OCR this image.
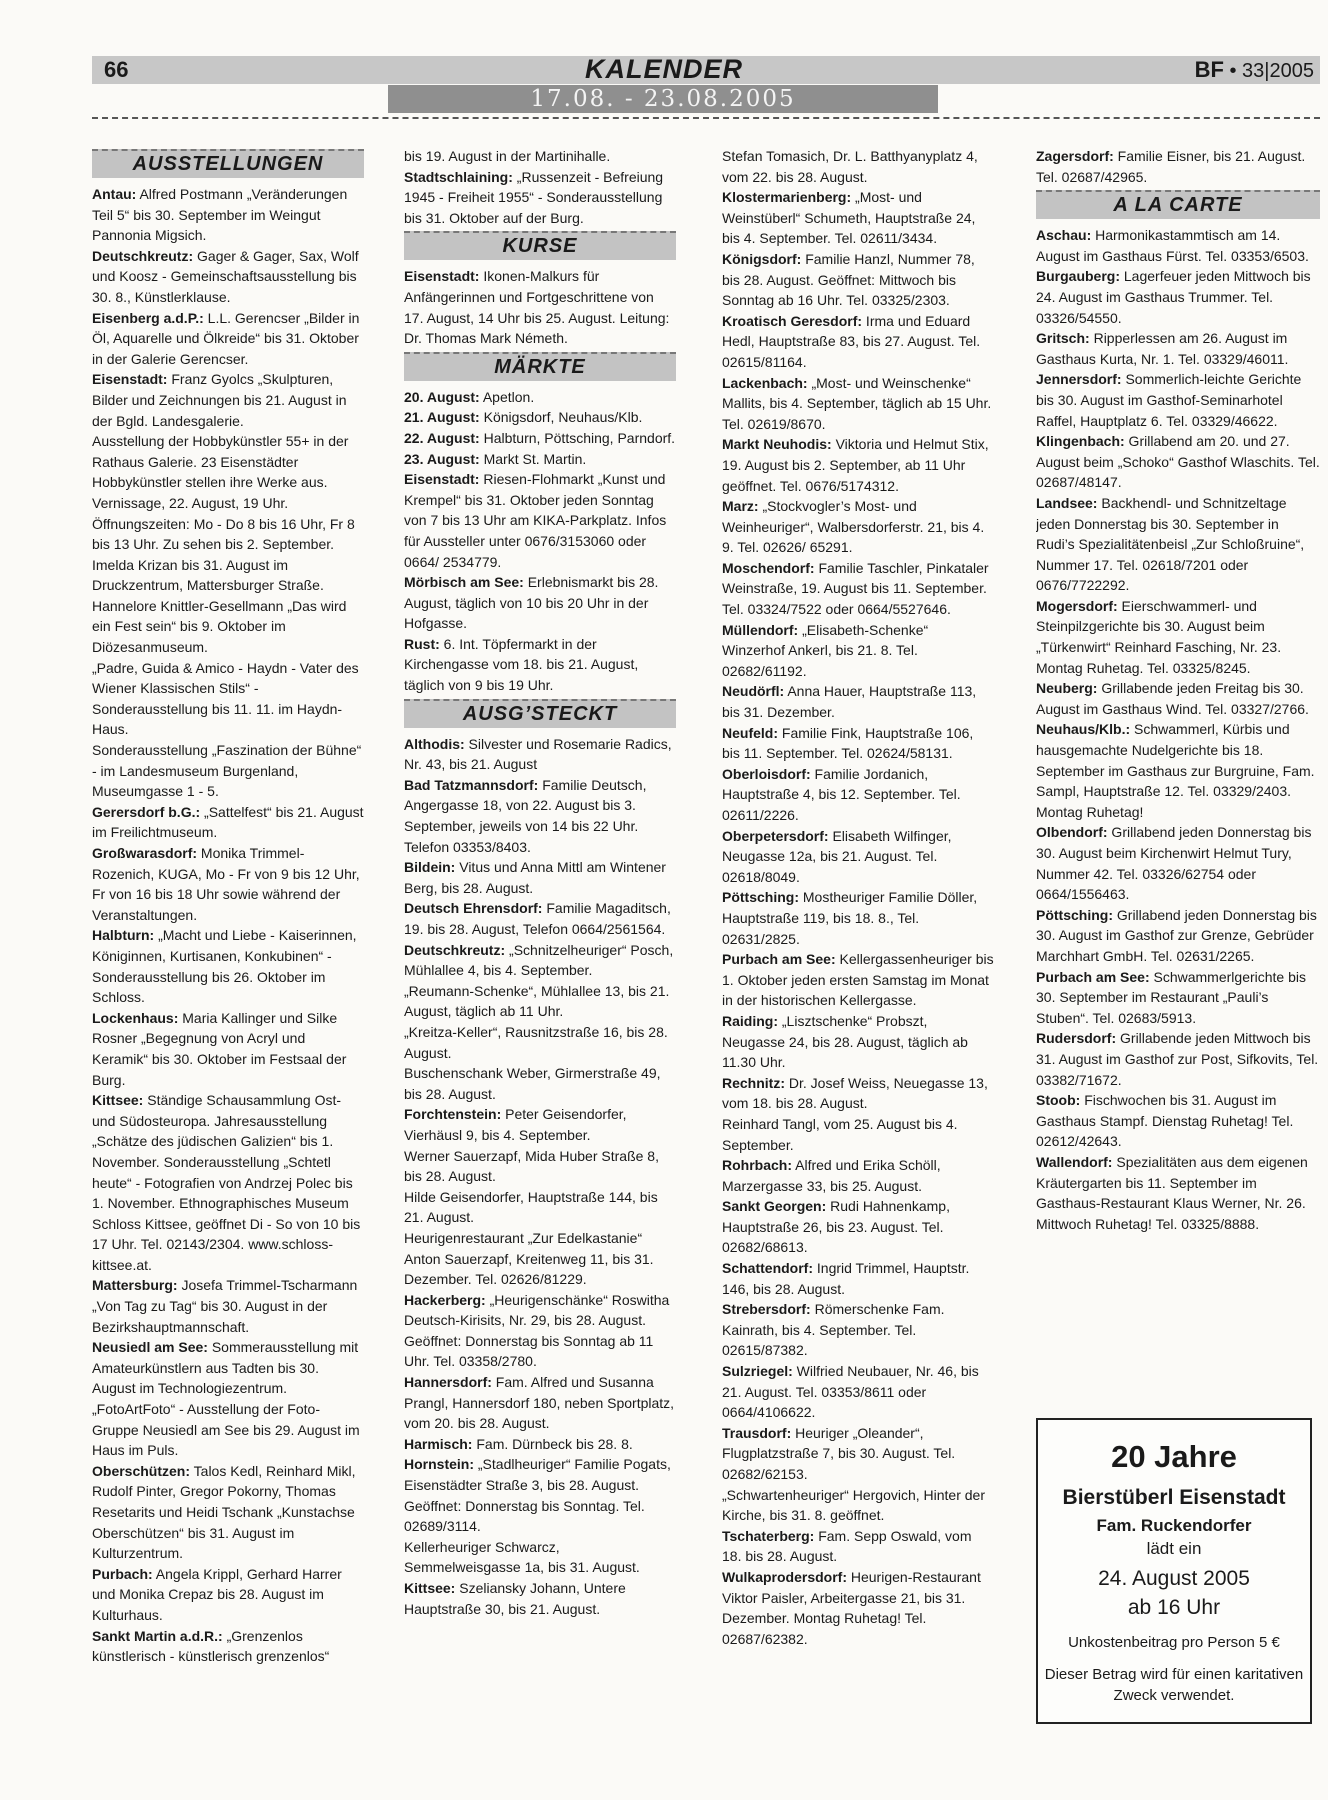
66	KALENDER	BF • 33|2005
17.08. - 23.08.2005
AUSSTELLUNGEN

Antau: Alfred Postmann „Veränderungen Teil 5“ bis 30. September im Weingut Pannonia Migsich.

Deutschkreutz: Gager & Gager, Sax, Wolf und Koosz - Gemeinschaftsausstellung bis 30. 8., Künstlerklause.

Eisenberg a.d.P.: L.L. Gerencser „Bilder in Öl, Aquarelle und Ölkreide“ bis 31. Oktober in der Galerie Gerencser.

Eisenstadt: Franz Gyolcs „Skulpturen, Bilder und Zeichnungen bis 21. August in der Bgld. Landesgalerie.

Ausstellung der Hobbykünstler 55+ in der Rathaus Galerie. 23 Eisenstädter Hobbykünstler stellen ihre Werke aus. Vernissage, 22. August, 19 Uhr. Öffnungszeiten: Mo - Do 8 bis 16 Uhr, Fr 8 bis 13 Uhr. Zu sehen bis 2. September.

Imelda Krizan bis 31. August im Druckzentrum, Mattersburger Straße.

Hannelore Knittler-Gesellmann „Das wird ein Fest sein“ bis 9. Oktober im Diözesanmuseum.

„Padre, Guida & Amico - Haydn - Vater des Wiener Klassischen Stils“ - Sonderausstellung bis 11. 11. im Haydn-Haus.

Sonderausstellung „Faszination der Bühne“ - im Landesmuseum Burgenland, Museumgasse 1 - 5.

Gerersdorf b.G.: „Sattelfest“ bis 21. August im Freilichtmuseum.

Großwarasdorf: Monika Trimmel-Rozenich, KUGA, Mo - Fr von 9 bis 12 Uhr, Fr von 16 bis 18 Uhr sowie während der Veranstaltungen.

Halbturn: „Macht und Liebe - Kaiserinnen, Königinnen, Kurtisanen, Konkubinen“ - Sonderausstellung bis 26. Oktober im Schloss.

Lockenhaus: Maria Kallinger und Silke Rosner „Begegnung von Acryl und Keramik“ bis 30. Oktober im Festsaal der Burg.

Kittsee: Ständige Schausammlung Ost- und Südosteuropa. Jahresausstellung „Schätze des jüdischen Galizien“ bis 1. November. Sonderausstellung „Schtetl heute“ - Fotografien von Andrzej Polec bis 1. November. Ethnographisches Museum Schloss Kittsee, geöffnet Di - So von 10 bis 17 Uhr. Tel. 02143/2304. www.schloss-kittsee.at.

Mattersburg: Josefa Trimmel-Tscharmann „Von Tag zu Tag“ bis 30. August in der Bezirkshauptmannschaft.

Neusiedl am See: Sommerausstellung mit Amateurkünstlern aus Tadten bis 30. August im Technologiezentrum.

„FotoArtFoto“ - Ausstellung der Foto-Gruppe Neusiedl am See bis 29. August im Haus im Puls.

Oberschützen: Talos Kedl, Reinhard Mikl, Rudolf Pinter, Gregor Pokorny, Thomas Resetarits und Heidi Tschank „Kunstachse Oberschützen“ bis 31. August im Kulturzentrum.

Purbach: Angela Krippl, Gerhard Harrer und Monika Crepaz bis 28. August im Kulturhaus.

Sankt Martin a.d.R.: „Grenzenlos künstlerisch - künstlerisch grenzenlos“

bis 19. August in der Martinihalle.

Stadtschlaining: „Russenzeit - Befreiung 1945 - Freiheit 1955“ - Sonderausstellung bis 31. Oktober auf der Burg.

KURSE

Eisenstadt: Ikonen-Malkurs für Anfängerinnen und Fortgeschrittene von 17. August, 14 Uhr bis 25. August. Leitung: Dr. Thomas Mark Németh.

MÄRKTE

20. August: Apetlon.

21. August: Königsdorf, Neuhaus/Klb.

22. August: Halbturn, Pöttsching, Parndorf.

23. August: Markt St. Martin.

Eisenstadt: Riesen-Flohmarkt „Kunst und Krempel“ bis 31. Oktober jeden Sonntag von 7 bis 13 Uhr am KIKA-Parkplatz. Infos für Aussteller unter 0676/3153060 oder 0664/ 2534779.

Mörbisch am See: Erlebnismarkt bis 28. August, täglich von 10 bis 20 Uhr in der Hofgasse.

Rust: 6. Int. Töpfermarkt in der Kirchengasse vom 18. bis 21. August, täglich von 9 bis 19 Uhr.

AUSG’STECKT

Althodis: Silvester und Rosemarie Radics, Nr. 43, bis 21. August

Bad Tatzmannsdorf: Familie Deutsch, Angergasse 18, von 22. August bis 3. September, jeweils von 14 bis 22 Uhr. Telefon 03353/8403.

Bildein: Vitus und Anna Mittl am Wintener Berg, bis 28. August.

Deutsch Ehrensdorf: Familie Magaditsch, 19. bis 28. August, Telefon 0664/2561564.

Deutschkreutz: „Schnitzelheuriger“ Posch, Mühlallee 4, bis 4. September.

„Reumann-Schenke“, Mühlallee 13, bis 21. August, täglich ab 11 Uhr.

„Kreitza-Keller“, Rausnitzstraße 16, bis 28. August.

Buschenschank Weber, Girmerstraße 49, bis 28. August.

Forchtenstein: Peter Geisendorfer, Vierhäusl 9, bis 4. September.

Werner Sauerzapf, Mida Huber Straße 8, bis 28. August.

Hilde Geisendorfer, Hauptstraße 144, bis 21. August.

Heurigenrestaurant „Zur Edelkastanie“ Anton Sauerzapf, Kreitenweg 11, bis 31. Dezember. Tel. 02626/81229.

Hackerberg: „Heurigenschänke“ Roswitha Deutsch-Kirisits, Nr. 29, bis 28. August. Geöffnet: Donnerstag bis Sonntag ab 11 Uhr. Tel. 03358/2780.

Hannersdorf: Fam. Alfred und Susanna Prangl, Hannersdorf 180, neben Sportplatz, vom 20. bis 28. August.

Harmisch: Fam. Dürnbeck bis 28. 8.

Hornstein: „Stadlheuriger“ Familie Pogats, Eisenstädter Straße 3, bis 28. August. Geöffnet: Donnerstag bis Sonntag. Tel. 02689/3114.

Kellerheuriger Schwarcz, Semmelweisgasse 1a, bis 31. August.

Kittsee: Szeliansky Johann, Untere Hauptstraße 30, bis 21. August.

Stefan Tomasich, Dr. L. Batthyanyplatz 4, vom 22. bis 28. August.

Klostermarienberg: „Most- und Weinstüberl“ Schumeth, Hauptstraße 24, bis 4. September. Tel. 02611/3434.

Königsdorf: Familie Hanzl, Nummer 78, bis 28. August. Geöffnet: Mittwoch bis Sonntag ab 16 Uhr. Tel. 03325/2303.

Kroatisch Geresdorf: Irma und Eduard Hedl, Hauptstraße 83, bis 27. August. Tel. 02615/81164.

Lackenbach: „Most- und Weinschenke“ Mallits, bis 4. September, täglich ab 15 Uhr. Tel. 02619/8670.

Markt Neuhodis: Viktoria und Helmut Stix, 19. August bis 2. September, ab 11 Uhr geöffnet. Tel. 0676/5174312.

Marz: „Stockvogler’s Most- und Weinheuriger“, Walbersdorferstr. 21, bis 4. 9. Tel. 02626/ 65291.

Moschendorf: Familie Taschler, Pinkataler Weinstraße, 19. August bis 11. September. Tel. 03324/7522 oder 0664/5527646.

Müllendorf: „Elisabeth-Schenke“ Winzerhof Ankerl, bis 21. 8. Tel. 02682/61192.

Neudörfl: Anna Hauer, Hauptstraße 113, bis 31. Dezember.

Neufeld: Familie Fink, Hauptstraße 106, bis 11. September. Tel. 02624/58131.

Oberloisdorf: Familie Jordanich, Hauptstraße 4, bis 12. September. Tel. 02611/2226.

Oberpetersdorf: Elisabeth Wilfinger, Neugasse 12a, bis 21. August. Tel. 02618/8049.

Pöttsching: Mostheuriger Familie Döller, Hauptstraße 119, bis 18. 8., Tel. 02631/2825.

Purbach am See: Kellergassenheuriger bis 1. Oktober jeden ersten Samstag im Monat in der historischen Kellergasse.

Raiding: „Lisztschenke“ Probszt, Neugasse 24, bis 28. August, täglich ab 11.30 Uhr.

Rechnitz: Dr. Josef Weiss, Neuegasse 13, vom 18. bis 28. August.

Reinhard Tangl, vom 25. August bis 4. September.

Rohrbach: Alfred und Erika Schöll, Marzergasse 33, bis 25. August.

Sankt Georgen: Rudi Hahnenkamp, Hauptstraße 26, bis 23. August. Tel. 02682/68613.

Schattendorf: Ingrid Trimmel, Hauptstr. 146, bis 28. August.

Strebersdorf: Römerschenke Fam. Kainrath, bis 4. September. Tel. 02615/87382.

Sulzriegel: Wilfried Neubauer, Nr. 46, bis 21. August. Tel. 03353/8611 oder 0664/4106622.

Trausdorf: Heuriger „Oleander“, Flugplatzstraße 7, bis 30. August. Tel. 02682/62153.

„Schwartenheuriger“ Hergovich, Hinter der Kirche, bis 31. 8. geöffnet.

Tschaterberg: Fam. Sepp Oswald, vom 18. bis 28. August.

Wulkaprodersdorf: Heurigen-Restaurant Viktor Paisler, Arbeitergasse 21, bis 31. Dezember. Montag Ruhetag! Tel. 02687/62382.

Zagersdorf: Familie Eisner, bis 21. August. Tel. 02687/42965.

A LA CARTE

Aschau: Harmonikastammtisch am 14. August im Gasthaus Fürst. Tel. 03353/6503.

Burgauberg: Lagerfeuer jeden Mittwoch bis 24. August im Gasthaus Trummer. Tel. 03326/54550.

Gritsch: Ripperlessen am 26. August im Gasthaus Kurta, Nr. 1. Tel. 03329/46011.

Jennersdorf: Sommerlich-leichte Gerichte bis 30. August im Gasthof-Seminarhotel Raffel, Hauptplatz 6. Tel. 03329/46622.

Klingenbach: Grillabend am 20. und 27. August beim „Schoko“ Gasthof Wlaschits. Tel. 02687/48147.

Landsee: Backhendl- und Schnitzeltage jeden Donnerstag bis 30. September in Rudi’s Spezialitätenbeisl „Zur Schloßruine“, Nummer 17. Tel. 02618/7201 oder 0676/7722292.

Mogersdorf: Eierschwammerl- und Steinpilzgerichte bis 30. August beim „Türkenwirt“ Reinhard Fasching, Nr. 23. Montag Ruhetag. Tel. 03325/8245.

Neuberg: Grillabende jeden Freitag bis 30. August im Gasthaus Wind. Tel. 03327/2766.

Neuhaus/Klb.: Schwammerl, Kürbis und hausgemachte Nudelgerichte bis 18. September im Gasthaus zur Burgruine, Fam. Sampl, Hauptstraße 12. Tel. 03329/2403. Montag Ruhetag!

Olbendorf: Grillabend jeden Donnerstag bis 30. August beim Kirchenwirt Helmut Tury, Nummer 42. Tel. 03326/62754 oder 0664/1556463.

Pöttsching: Grillabend jeden Donnerstag bis 30. August im Gasthof zur Grenze, Gebrüder Marchhart GmbH. Tel. 02631/2265.

Purbach am See: Schwammerlgerichte bis 30. September im Restaurant „Pauli’s Stuben“. Tel. 02683/5913.

Rudersdorf: Grillabende jeden Mittwoch bis 31. August im Gasthof zur Post, Sifkovits, Tel. 03382/71672.

Stoob: Fischwochen bis 31. August im Gasthaus Stampf. Dienstag Ruhetag! Tel. 02612/42643.

Wallendorf: Spezialitäten aus dem eigenen Kräutergarten bis 11. September im Gasthaus-Restaurant Klaus Werner, Nr. 26. Mittwoch Ruhetag! Tel. 03325/8888.

20 Jahre
Bierstüberl Eisenstadt
Fam. Ruckendorfer
lädt ein
24. August 2005
ab 16 Uhr
Unkostenbeitrag pro Person 5 €
Dieser Betrag wird für einen karitativen Zweck verwendet.
